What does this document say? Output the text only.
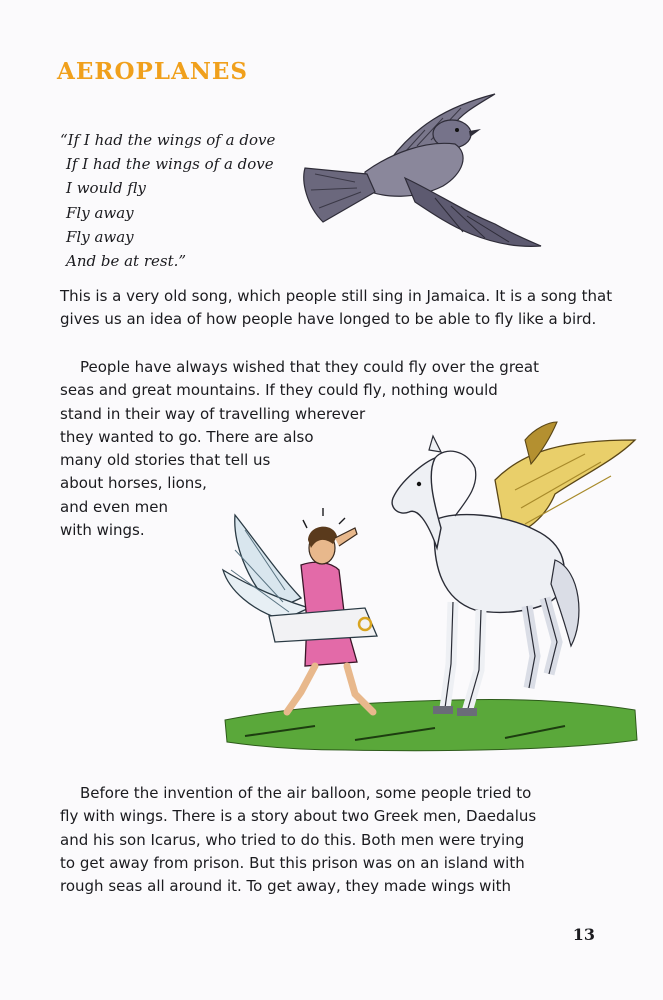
AEROPLANES
“If I had the wings of a dove
If I had the wings of a dove
I would fly
Fly away
Fly away
And be at rest.”

This is a very old song, which people still sing in Jamaica. It is a song that gives us an idea of how people have longed to be able to fly like a bird.

People have always wished that they could fly over the great
seas and great mountains. If they could fly, nothing would
stand in their way of travelling wherever
they wanted to go. There are also
many old stories that tell us
about horses, lions,
and even men
with wings.

Before the invention of the air balloon, some people tried to
fly with wings. There is a story about two Greek men, Daedalus
and his son Icarus, who tried to do this. Both men were trying
to get away from prison. But this prison was on an island with
rough seas all around it. To get away, they made wings with

13
